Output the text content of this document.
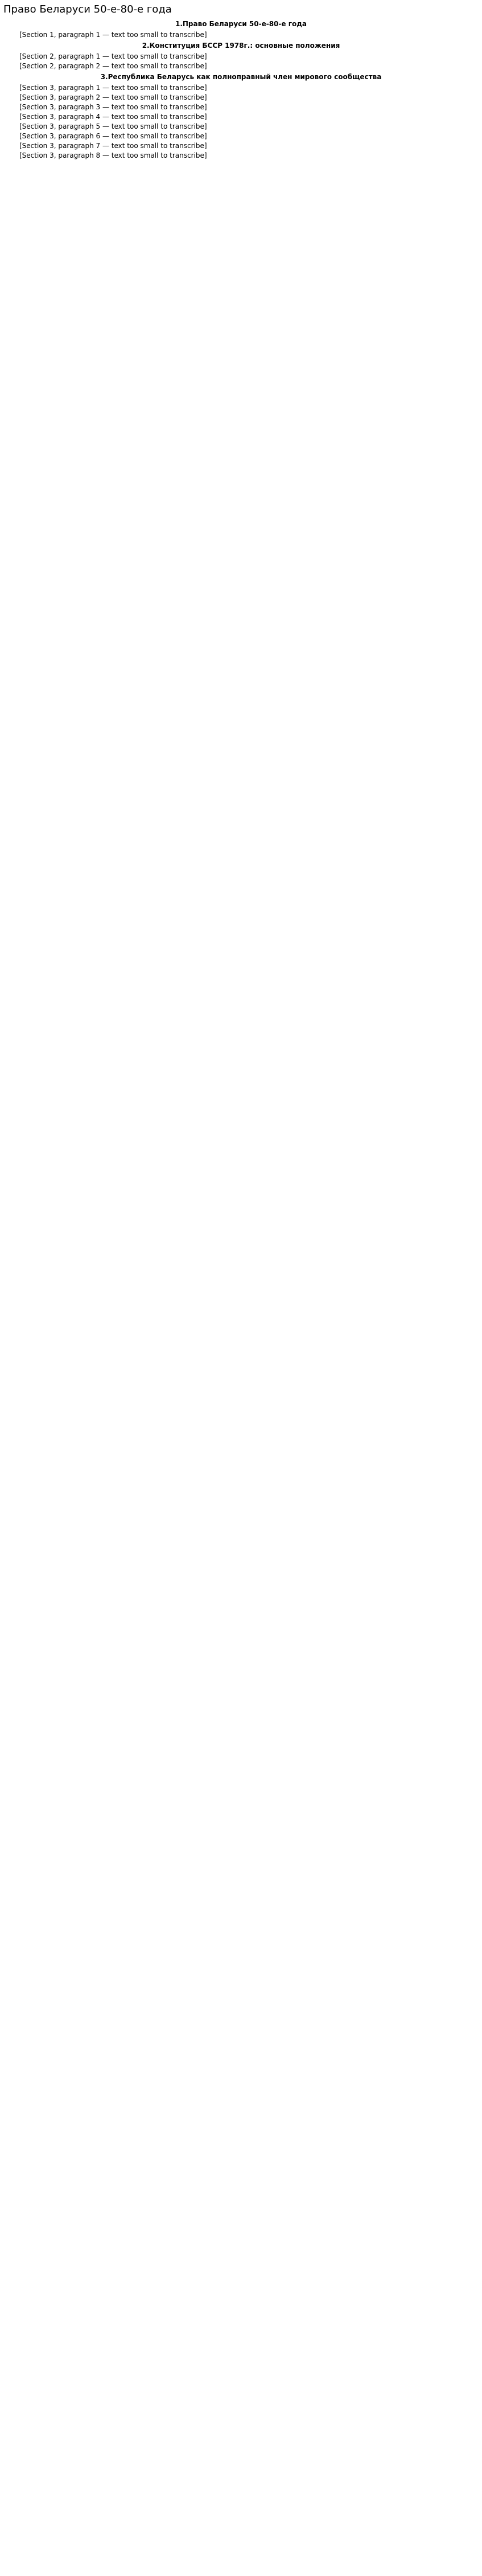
Право Беларуси 50-е-80-е года
1.Право Беларуси 50-е-80-е года

[Section 1, paragraph 1 — text too small to transcribe]

2.Конституция БССР 1978г.: основные положения

[Section 2, paragraph 1 — text too small to transcribe]

[Section 2, paragraph 2 — text too small to transcribe]

3.Республика Беларусь как полноправный член мирового сообщества

[Section 3, paragraph 1 — text too small to transcribe]

[Section 3, paragraph 2 — text too small to transcribe]

[Section 3, paragraph 3 — text too small to transcribe]

[Section 3, paragraph 4 — text too small to transcribe]

[Section 3, paragraph 5 — text too small to transcribe]

[Section 3, paragraph 6 — text too small to transcribe]

[Section 3, paragraph 7 — text too small to transcribe]

[Section 3, paragraph 8 — text too small to transcribe]
